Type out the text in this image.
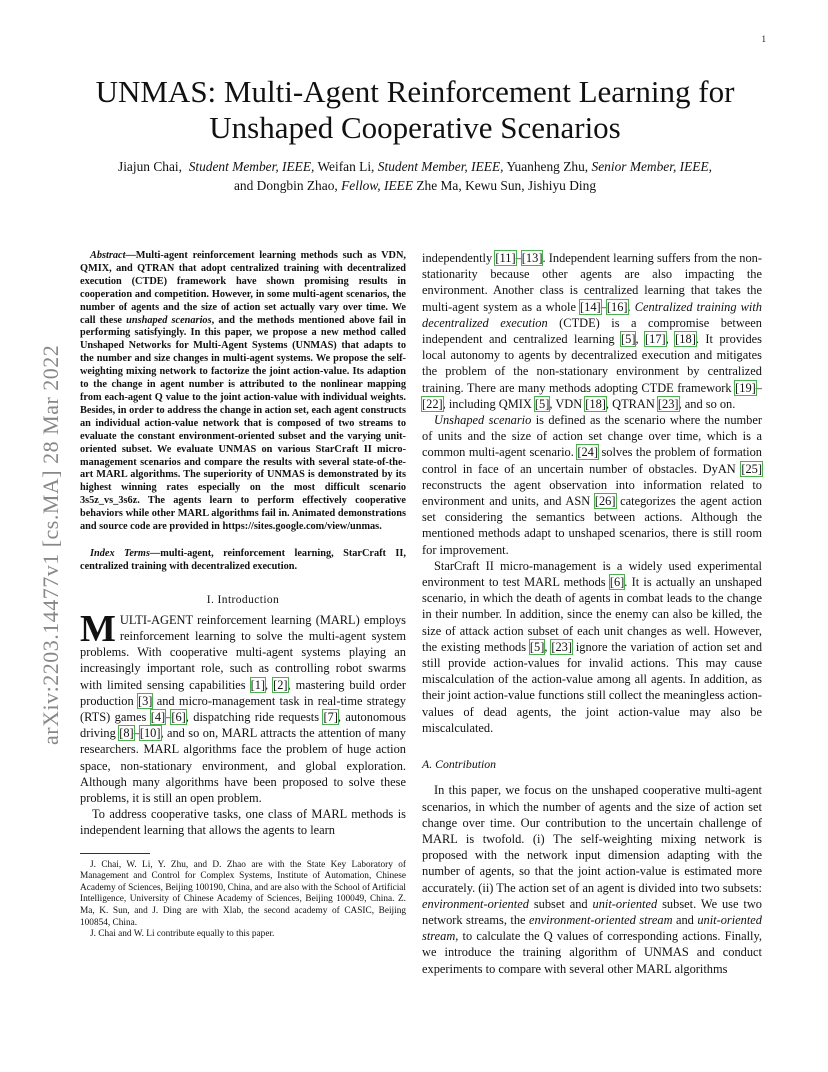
1
arXiv:2203.14477v1 [cs.MA] 28 Mar 2022
UNMAS: Multi-Agent Reinforcement Learning for
Unshaped Cooperative Scenarios
Jiajun Chai, Student Member, IEEE, Weifan Li, Student Member, IEEE, Yuanheng Zhu, Senior Member, IEEE,
and Dongbin Zhao, Fellow, IEEE Zhe Ma, Kewu Sun, Jishiyu Ding
Abstract—Multi-agent reinforcement learning methods such as VDN, QMIX, and QTRAN that adopt centralized training with decentralized execution (CTDE) framework have shown promising results in cooperation and competition. However, in some multi-agent scenarios, the number of agents and the size of action set actually vary over time. We call these unshaped scenarios, and the methods mentioned above fail in performing satisfyingly. In this paper, we propose a new method called Unshaped Networks for Multi-Agent Systems (UNMAS) that adapts to the number and size changes in multi-agent systems. We propose the self-weighting mixing network to factorize the joint action-value. Its adaption to the change in agent number is attributed to the nonlinear mapping from each-agent Q value to the joint action-value with individual weights. Besides, in order to address the change in action set, each agent constructs an individual action-value network that is composed of two streams to evaluate the constant environment-oriented subset and the varying unit-oriented subset. We evaluate UNMAS on various StarCraft II micro-management scenarios and compare the results with several state-of-the-art MARL algorithms. The superiority of UNMAS is demonstrated by its highest winning rates especially on the most difficult scenario 3s5z_vs_3s6z. The agents learn to perform effectively cooperative behaviors while other MARL algorithms fail in. Animated demonstrations and source code are provided in https://sites.google.com/view/unmas.
Index Terms—multi-agent, reinforcement learning, StarCraft II, centralized training with decentralized execution.
I. Introduction

MULTI-AGENT reinforcement learning (MARL) employs reinforcement learning to solve the multi-agent system problems. With cooperative multi-agent systems playing an increasingly important role, such as controlling robot swarms with limited sensing capabilities [1], [2], mastering build order production [3] and micro-management task in real-time strategy (RTS) games [4]–[6], dispatching ride requests [7], autonomous driving [8]–[10], and so on, MARL attracts the attention of many researchers. MARL algorithms face the problem of huge action space, non-stationary environment, and global exploration. Although many algorithms have been proposed to solve these problems, it is still an open problem.

To address cooperative tasks, one class of MARL methods is independent learning that allows the agents to learn

J. Chai, W. Li, Y. Zhu, and D. Zhao are with the State Key Laboratory of Management and Control for Complex Systems, Institute of Automation, Chinese Academy of Sciences, Beijing 100190, China, and are also with the School of Artificial Intelligence, University of Chinese Academy of Sciences, Beijing 100049, China. Z. Ma, K. Sun, and J. Ding are with Xlab, the second academy of CASIC, Beijing 100854, China.

J. Chai and W. Li contribute equally to this paper.

independently [11]–[13]. Independent learning suffers from the non-stationarity because other agents are also impacting the environment. Another class is centralized learning that takes the multi-agent system as a whole [14]–[16]. Centralized training with decentralized execution (CTDE) is a compromise between independent and centralized learning [5], [17], [18]. It provides local autonomy to agents by decentralized execution and mitigates the problem of the non-stationary environment by centralized training. There are many methods adopting CTDE framework [19]–[22], including QMIX [5], VDN [18], QTRAN [23], and so on.

Unshaped scenario is defined as the scenario where the number of units and the size of action set change over time, which is a common multi-agent scenario. [24] solves the problem of formation control in face of an uncertain number of obstacles. DyAN [25] reconstructs the agent observation into information related to environment and units, and ASN [26] categorizes the agent action set considering the semantics between actions. Although the mentioned methods adapt to unshaped scenarios, there is still room for improvement.

StarCraft II micro-management is a widely used experimental environment to test MARL methods [6]. It is actually an unshaped scenario, in which the death of agents in combat leads to the change in their number. In addition, since the enemy can also be killed, the size of attack action subset of each unit changes as well. However, the existing methods [5], [23] ignore the variation of action set and still provide action-values for invalid actions. This may cause miscalculation of the action-value among all agents. In addition, as their joint action-value functions still collect the meaningless action-values of dead agents, the joint action-value may also be miscalculated.

A. Contribution

In this paper, we focus on the unshaped cooperative multi-agent scenarios, in which the number of agents and the size of action set change over time. Our contribution to the uncertain challenge of MARL is twofold. (i) The self-weighting mixing network is proposed with the network input dimension adapting with the number of agents, so that the joint action-value is estimated more accurately. (ii) The action set of an agent is divided into two subsets: environment-oriented subset and unit-oriented subset. We use two network streams, the environment-oriented stream and unit-oriented stream, to calculate the Q values of corresponding actions. Finally, we introduce the training algorithm of UNMAS and conduct experiments to compare with several other MARL algorithms
